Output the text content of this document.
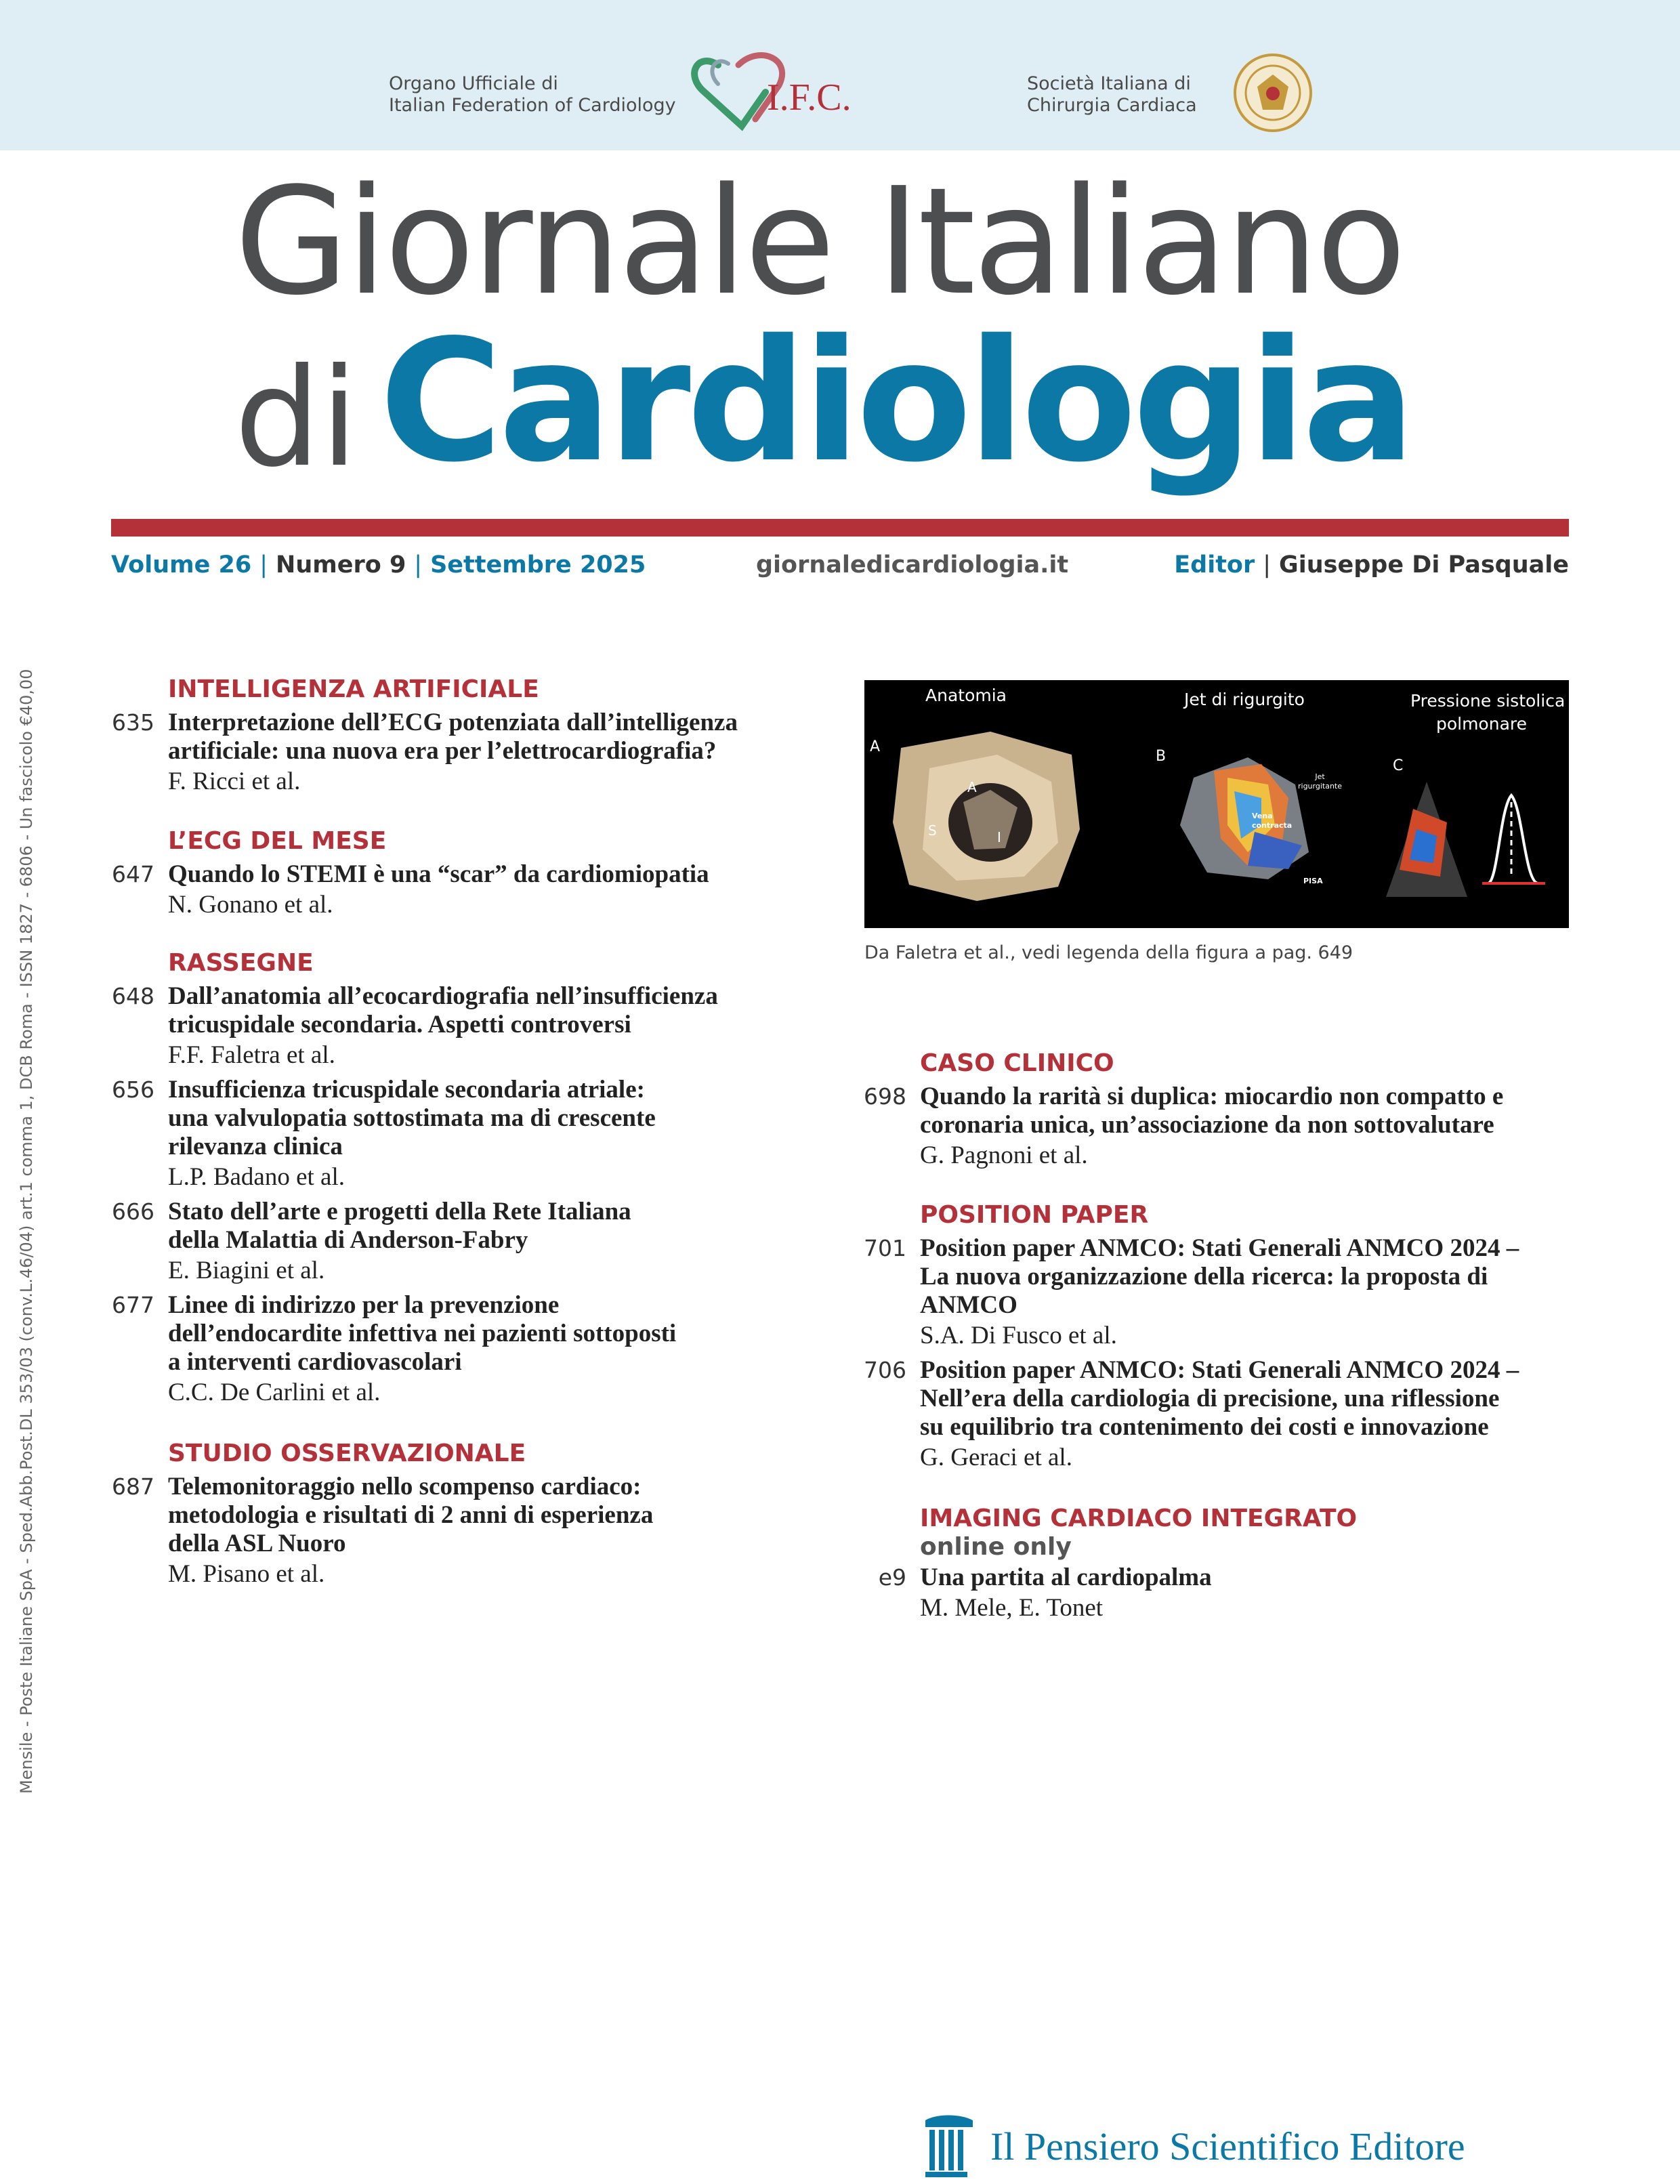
Organo Ufficiale di
Italian Federation of Cardiology I.F.C.	Società Italiana di
Chirurgia Cardiaca
Giornale Italiano
di Cardiologia
Volume 26 | Numero 9 | Settembre 2025	giornaledicardiologia.it	Editor | Giuseppe Di Pasquale
Mensile - Poste Italiane SpA - Sped.Abb.Post.DL 353/03 (conv.L.46/04) art.1 comma 1, DCB Roma - ISSN 1827 - 6806 - Un fascicolo €40,00	INTELLIGENZA ARTIFICIALE
635 Interpretazione dell’ECG potenziata dall’intelligenza
artificiale: una nuova era per l’elettrocardiografia?
F. Ricci et al.
L’ECG DEL MESE
647 Quando lo STEMI è una “scar” da cardiomiopatia
N. Gonano et al.
RASSEGNE
648 Dall’anatomia all’ecocardiografia nell’insufficienza
tricuspidale secondaria. Aspetti controversi
F.F. Faletra et al.
656 Insufficienza tricuspidale secondaria atriale:
una valvulopatia sottostimata ma di crescente
rilevanza clinica
L.P. Badano et al.
666 Stato dell’arte e progetti della Rete Italiana
della Malattia di Anderson-Fabry
E. Biagini et al.
677 Linee di indirizzo per la prevenzione
dell’endocardite infettiva nei pazienti sottoposti
a interventi cardiovascolari
C.C. De Carlini et al.
STUDIO OSSERVAZIONALE
687 Telemonitoraggio nello scompenso cardiaco:
metodologia e risultati di 2 anni di esperienza
della ASL Nuoro
M. Pisano et al.
Anatomia	Jet di rigurgito	Pressione sistolica
polmonare
A
B
C
A
S	I
Jet
rigurgitante
Vena
contracta
PISA
Da Faletra et al., vedi legenda della figura a pag. 649
CASO CLINICO
698 Quando la rarità si duplica: miocardio non compatto e
coronaria unica, un’associazione da non sottovalutare
G. Pagnoni et al.
POSITION PAPER
701 Position paper ANMCO: Stati Generali ANMCO 2024 –
La nuova organizzazione della ricerca: la proposta di
ANMCO
S.A. Di Fusco et al.
706 Position paper ANMCO: Stati Generali ANMCO 2024 –
Nell’era della cardiologia di precisione, una riflessione
su equilibrio tra contenimento dei costi e innovazione
G. Geraci et al.
IMAGING CARDIACO INTEGRATO
online only
e9 Una partita al cardiopalma
M. Mele, E. Tonet
Il Pensiero Scientifico Editore
